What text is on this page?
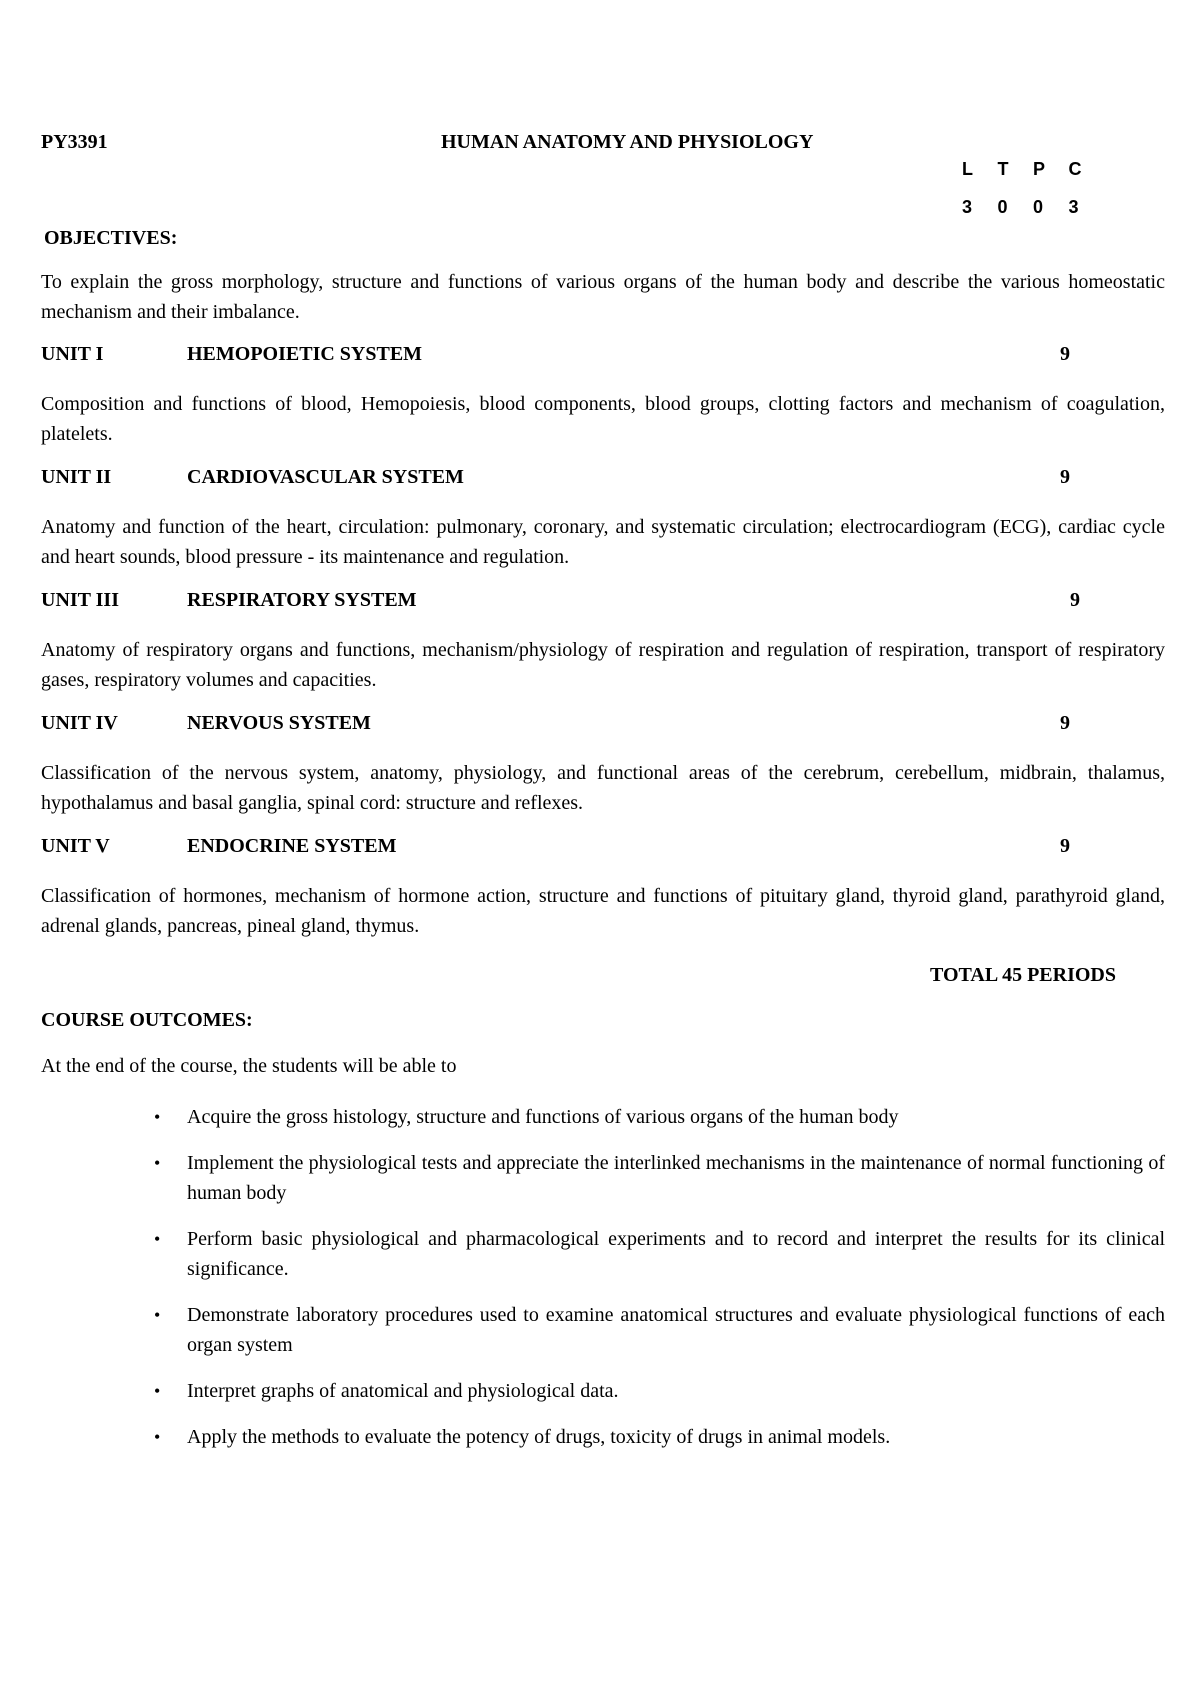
PY3391	HUMAN ANATOMY AND PHYSIOLOGY
L	T	P	C
3	0	0	3
OBJECTIVES:
To explain the gross morphology, structure and functions of various organs of the human body and describe the various homeostatic mechanism and their imbalance.
UNIT I	HEMOPOIETIC SYSTEM	9
Composition and functions of blood, Hemopoiesis, blood components, blood groups, clotting factors and mechanism of coagulation, platelets.
UNIT II	CARDIOVASCULAR SYSTEM	9
Anatomy and function of the heart, circulation: pulmonary, coronary, and systematic circulation; electrocardiogram (ECG), cardiac cycle and heart sounds, blood pressure - its maintenance and regulation.
UNIT III	RESPIRATORY SYSTEM	9
Anatomy of respiratory organs and functions, mechanism/physiology of respiration and regulation of respiration, transport of respiratory gases, respiratory volumes and capacities.
UNIT IV	NERVOUS SYSTEM	9
Classification of the nervous system, anatomy, physiology, and functional areas of the cerebrum, cerebellum, midbrain, thalamus, hypothalamus and basal ganglia, spinal cord: structure and reflexes.
UNIT V	ENDOCRINE SYSTEM	9
Classification of hormones, mechanism of hormone action, structure and functions of pituitary gland, thyroid gland, parathyroid gland, adrenal glands, pancreas, pineal gland, thymus.
TOTAL 45 PERIODS
COURSE OUTCOMES:
At the end of the course, the students will be able to
• Acquire the gross histology, structure and functions of various organs of the human body
• Implement the physiological tests and appreciate the interlinked mechanisms in the maintenance of normal functioning of human body
• Perform basic physiological and pharmacological experiments and to record and interpret the results for its clinical significance.
• Demonstrate laboratory procedures used to examine anatomical structures and evaluate physiological functions of each organ system
• Interpret graphs of anatomical and physiological data.
• Apply the methods to evaluate the potency of drugs, toxicity of drugs in animal models.
